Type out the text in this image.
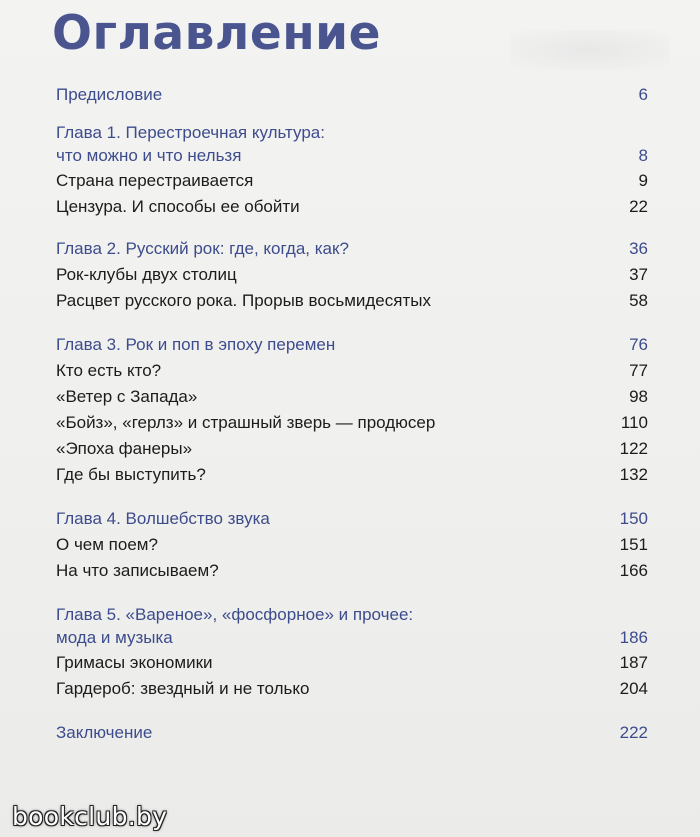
Оглавление
Предисловие	6
Глава 1. Перестроечная культура:
что можно и что нельзя	8
Страна перестраивается	9
Цензура. И способы ее обойти	22
Глава 2. Русский рок: где, когда, как?	36
Рок-клубы двух столиц	37
Расцвет русского рока. Прорыв восьмидесятых	58
Глава 3. Рок и поп в эпоху перемен	76
Кто есть кто?	77
«Ветер с Запада»	98
«Бойз», «герлз» и страшный зверь — продюсер	110
«Эпоха фанеры»	122
Где бы выступить?	132
Глава 4. Волшебство звука	150
О чем поем?	151
На что записываем?	166
Глава 5. «Вареное», «фосфорное» и прочее:
мода и музыка	186
Гримасы экономики	187
Гардероб: звездный и не только	204
Заключение	222
bookclub.by
